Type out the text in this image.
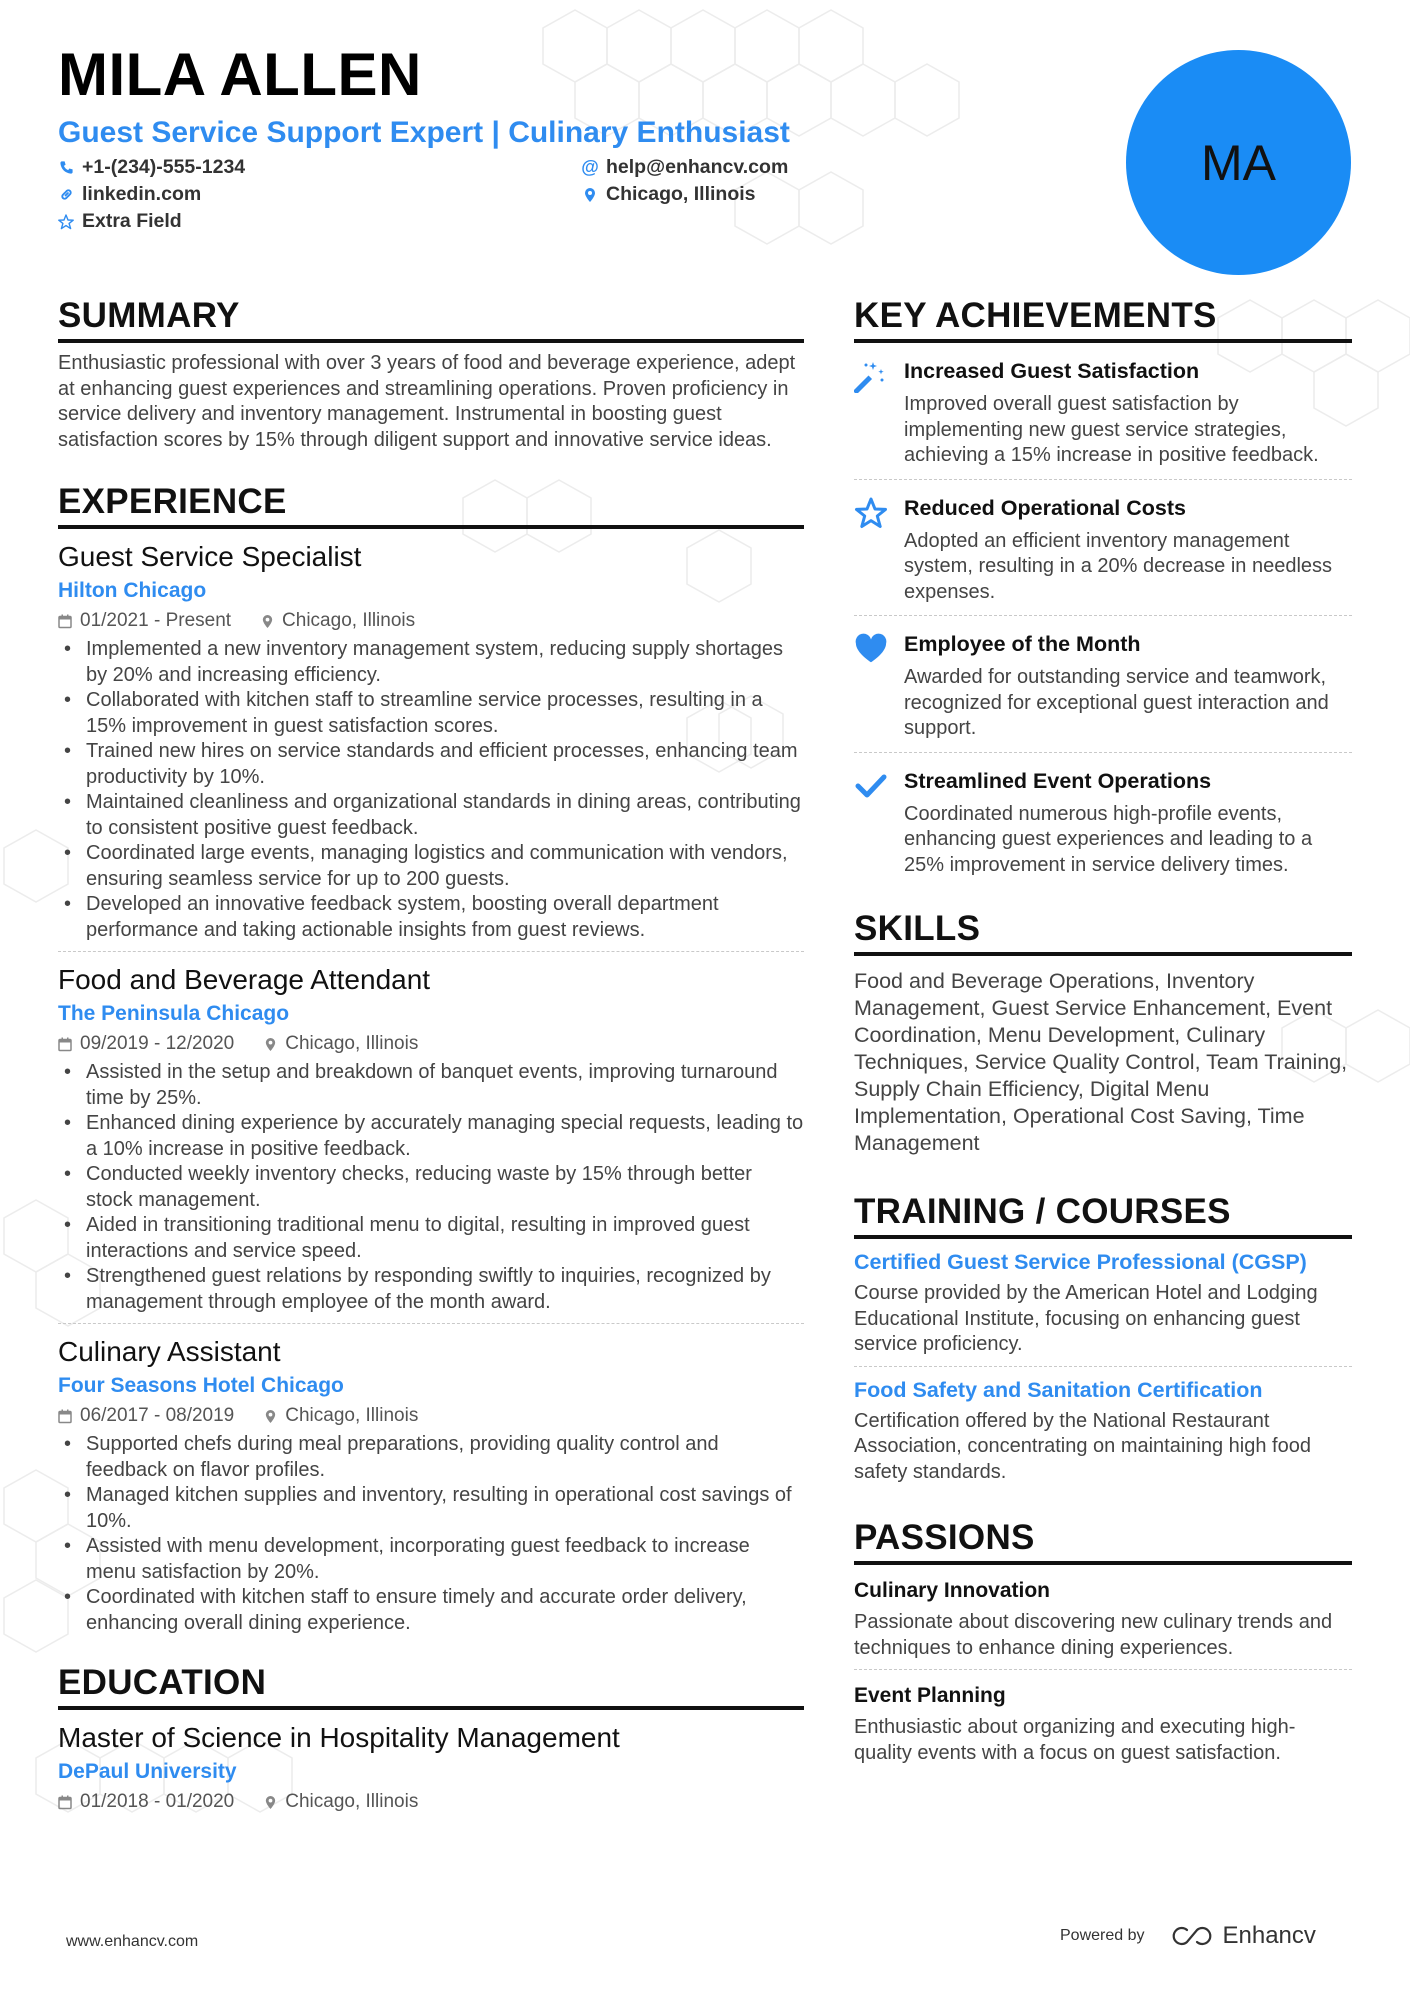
MILA ALLEN
Guest Service Support Expert | Culinary Enthusiast
+1-(234)-555-1234	@ help@enhancv.com
linkedin.com	Chicago, Illinois
Extra Field
MA
SUMMARY
Enthusiastic professional with over 3 years of food and beverage experience, adept at enhancing guest experiences and streamlining operations. Proven proficiency in service delivery and inventory management. Instrumental in boosting guest satisfaction scores by 15% through diligent support and innovative service ideas.
EXPERIENCE
Guest Service Specialist
Hilton Chicago
01/2021 - Present	Chicago, Illinois
• Implemented a new inventory management system, reducing supply shortages by 20% and increasing efficiency.
• Collaborated with kitchen staff to streamline service processes, resulting in a 15% improvement in guest satisfaction scores.
• Trained new hires on service standards and efficient processes, enhancing team productivity by 10%.
• Maintained cleanliness and organizational standards in dining areas, contributing to consistent positive guest feedback.
• Coordinated large events, managing logistics and communication with vendors, ensuring seamless service for up to 200 guests.
• Developed an innovative feedback system, boosting overall department performance and taking actionable insights from guest reviews.
Food and Beverage Attendant
The Peninsula Chicago
09/2019 - 12/2020	Chicago, Illinois
• Assisted in the setup and breakdown of banquet events, improving turnaround time by 25%.
• Enhanced dining experience by accurately managing special requests, leading to a 10% increase in positive feedback.
• Conducted weekly inventory checks, reducing waste by 15% through better stock management.
• Aided in transitioning traditional menu to digital, resulting in improved guest interactions and service speed.
• Strengthened guest relations by responding swiftly to inquiries, recognized by management through employee of the month award.
Culinary Assistant
Four Seasons Hotel Chicago
06/2017 - 08/2019	Chicago, Illinois
• Supported chefs during meal preparations, providing quality control and feedback on flavor profiles.
• Managed kitchen supplies and inventory, resulting in operational cost savings of 10%.
• Assisted with menu development, incorporating guest feedback to increase menu satisfaction by 20%.
• Coordinated with kitchen staff to ensure timely and accurate order delivery, enhancing overall dining experience.
EDUCATION
Master of Science in Hospitality Management
DePaul University
01/2018 - 01/2020	Chicago, Illinois
KEY ACHIEVEMENTS
Increased Guest Satisfaction
Improved overall guest satisfaction by implementing new guest service strategies, achieving a 15% increase in positive feedback.
Reduced Operational Costs
Adopted an efficient inventory management system, resulting in a 20% decrease in needless expenses.
Employee of the Month
Awarded for outstanding service and teamwork, recognized for exceptional guest interaction and support.
Streamlined Event Operations
Coordinated numerous high-profile events, enhancing guest experiences and leading to a 25% improvement in service delivery times.
SKILLS
Food and Beverage Operations, Inventory Management, Guest Service Enhancement, Event Coordination, Menu Development, Culinary Techniques, Service Quality Control, Team Training, Supply Chain Efficiency, Digital Menu Implementation, Operational Cost Saving, Time Management
TRAINING / COURSES
Certified Guest Service Professional (CGSP)
Course provided by the American Hotel and Lodging Educational Institute, focusing on enhancing guest service proficiency.
Food Safety and Sanitation Certification
Certification offered by the National Restaurant Association, concentrating on maintaining high food safety standards.
PASSIONS
Culinary Innovation
Passionate about discovering new culinary trends and techniques to enhance dining experiences.
Event Planning
Enthusiastic about organizing and executing high-quality events with a focus on guest satisfaction.
www.enhancv.com	Powered by	Enhancv
